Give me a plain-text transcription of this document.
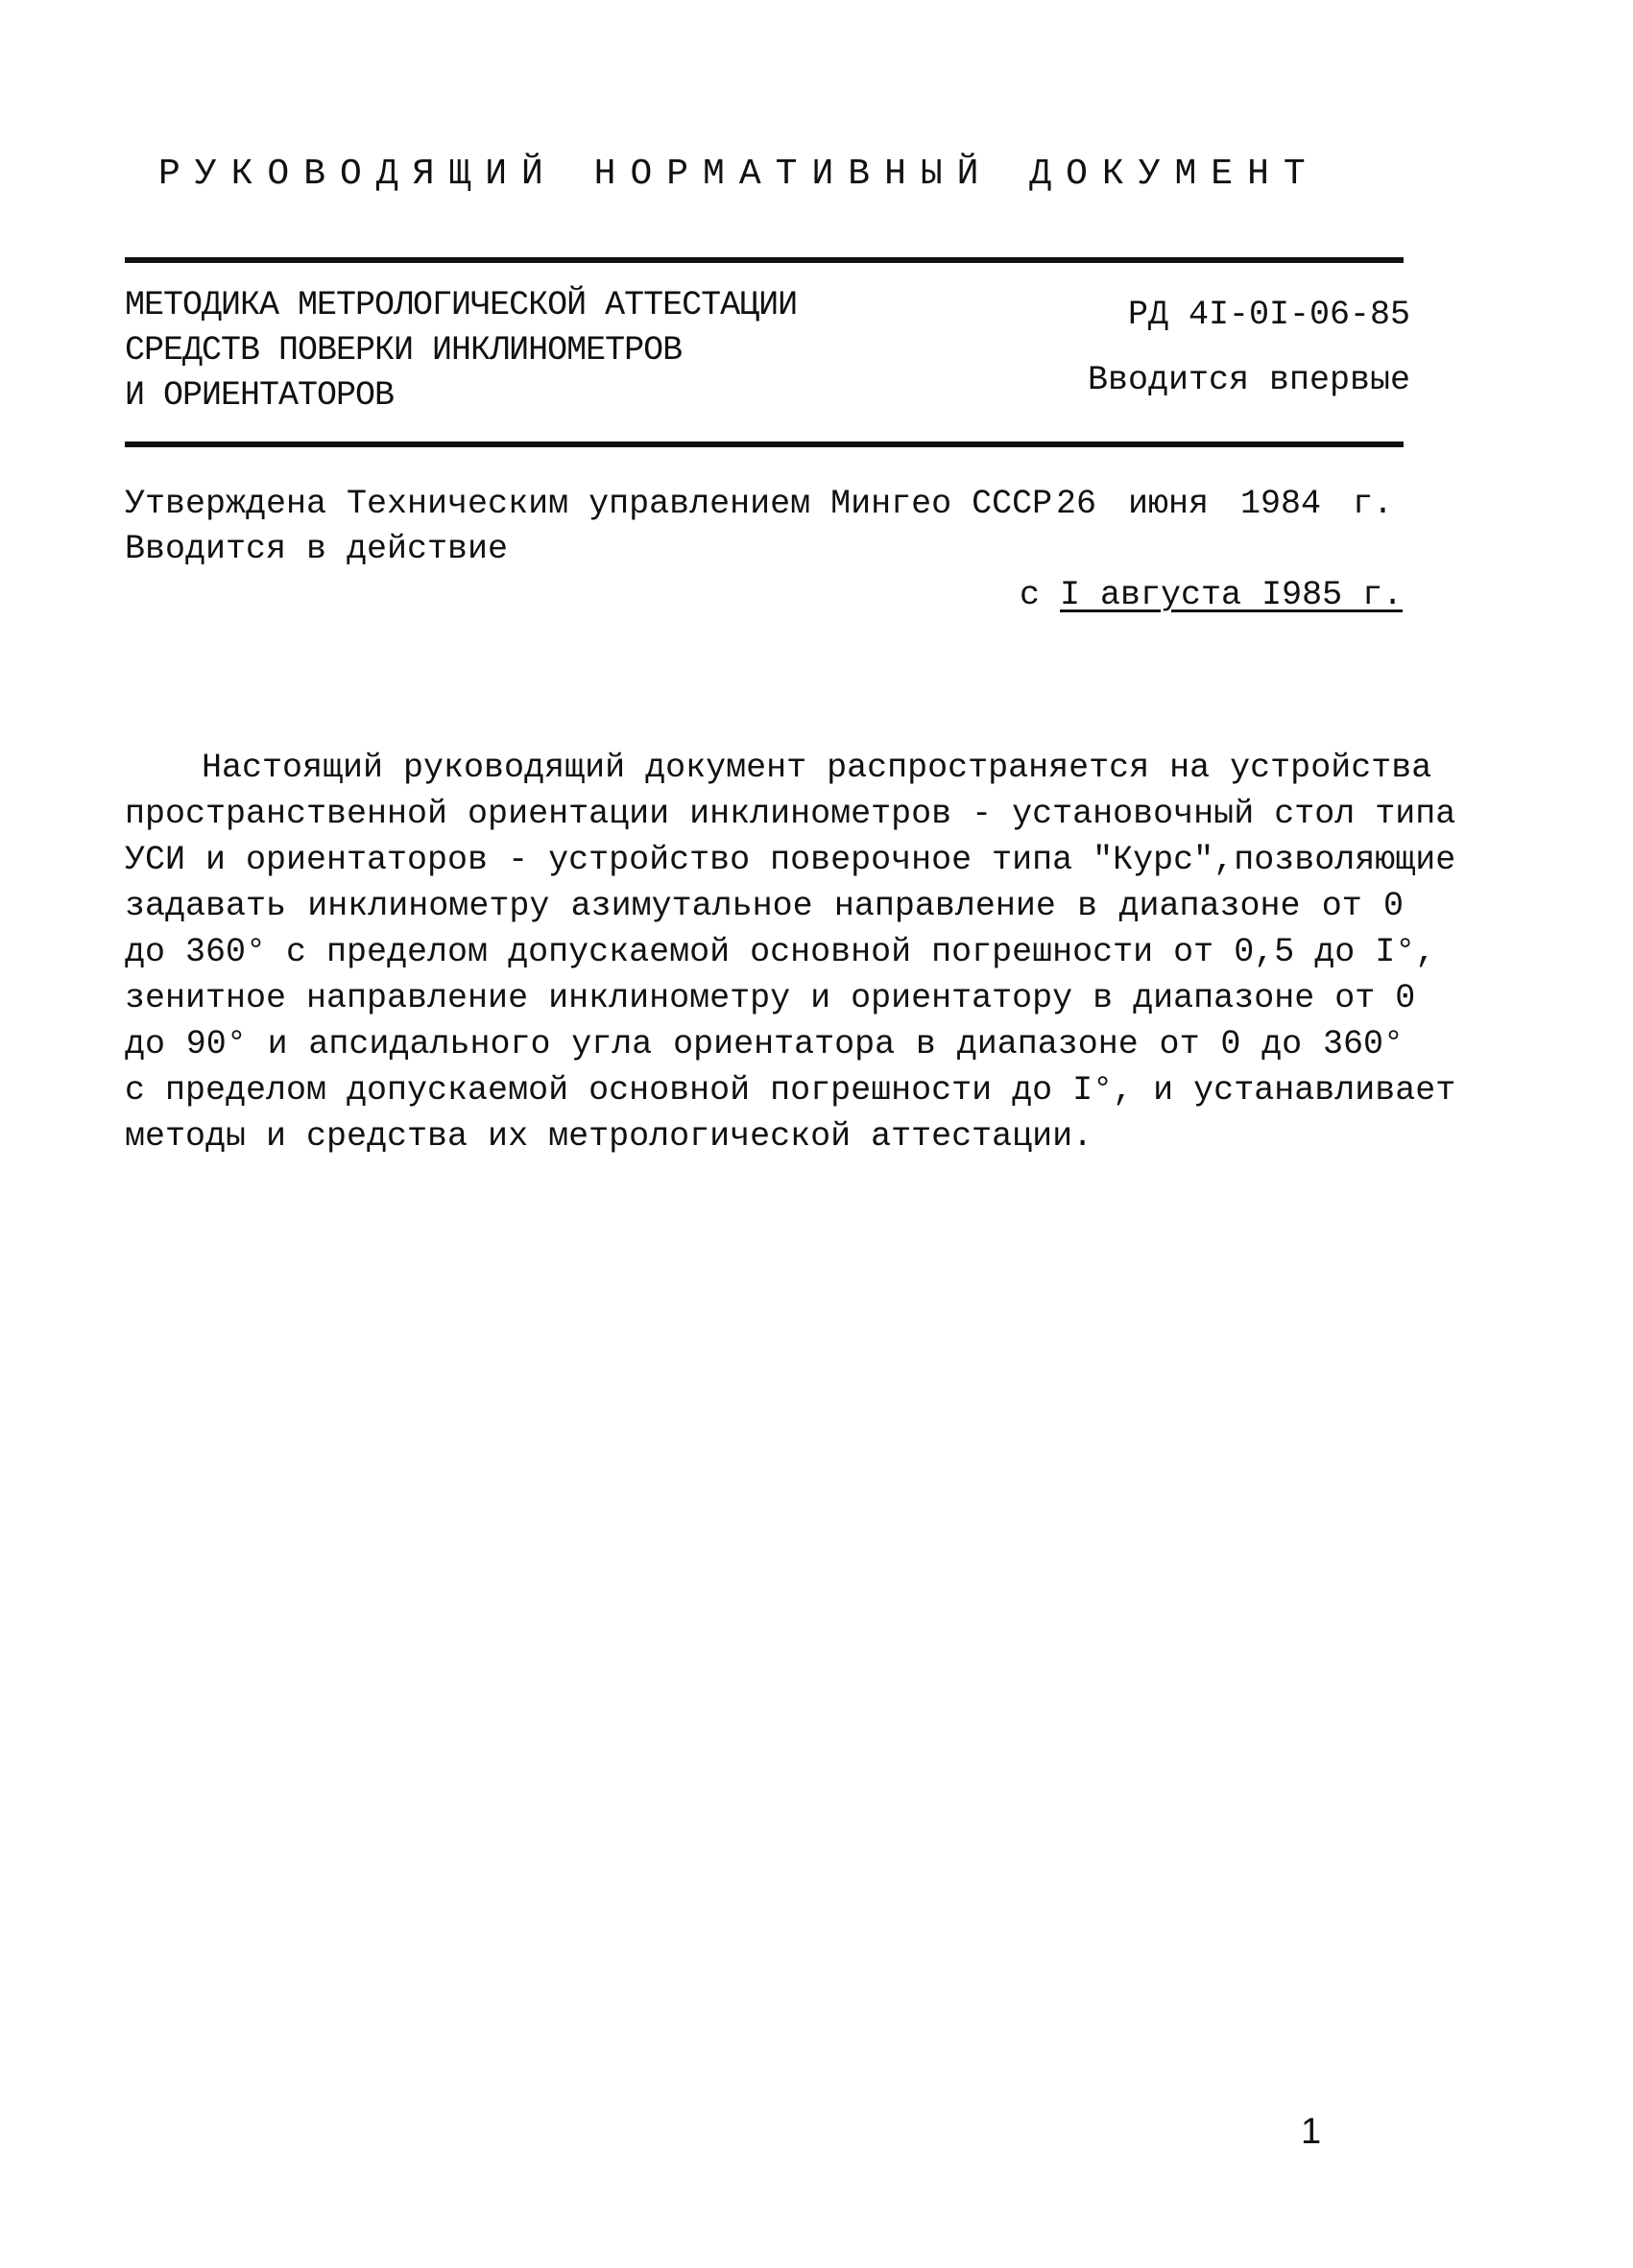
РУКОВОДЯЩИЙ НОРМАТИВНЫЙ ДОКУМЕНТ
МЕТОДИКА МЕТРОЛОГИЧЕСКОЙ АТТЕСТАЦИИ
СРЕДСТВ ПОВЕРКИ ИНКЛИНОМЕТРОВ
И ОРИЕНТАТОРОВ
РД 4I-0I-06-85
Вводится впервые
Утверждена Техническим управлением Мингео СССР 26 июня 1984 г.
Вводится в действие
с I августа I985 г.
Настоящий руководящий документ распространяется на устройства
пространственной ориентации инклинометров - установочный стол типа
УСИ и ориентаторов - устройство поверочное типа "Курс",позволяющие
задавать инклинометру азимутальное направление в диапазоне от 0
до 360° с пределом допускаемой основной погрешности от 0,5 до I°,
зенитное направление инклинометру и ориентатору в диапазоне от 0
до 90° и апсидального угла ориентатора в диапазоне от 0 до 360°
с пределом допускаемой основной погрешности до I°, и устанавливает
методы и средства их метрологической аттестации.
1
